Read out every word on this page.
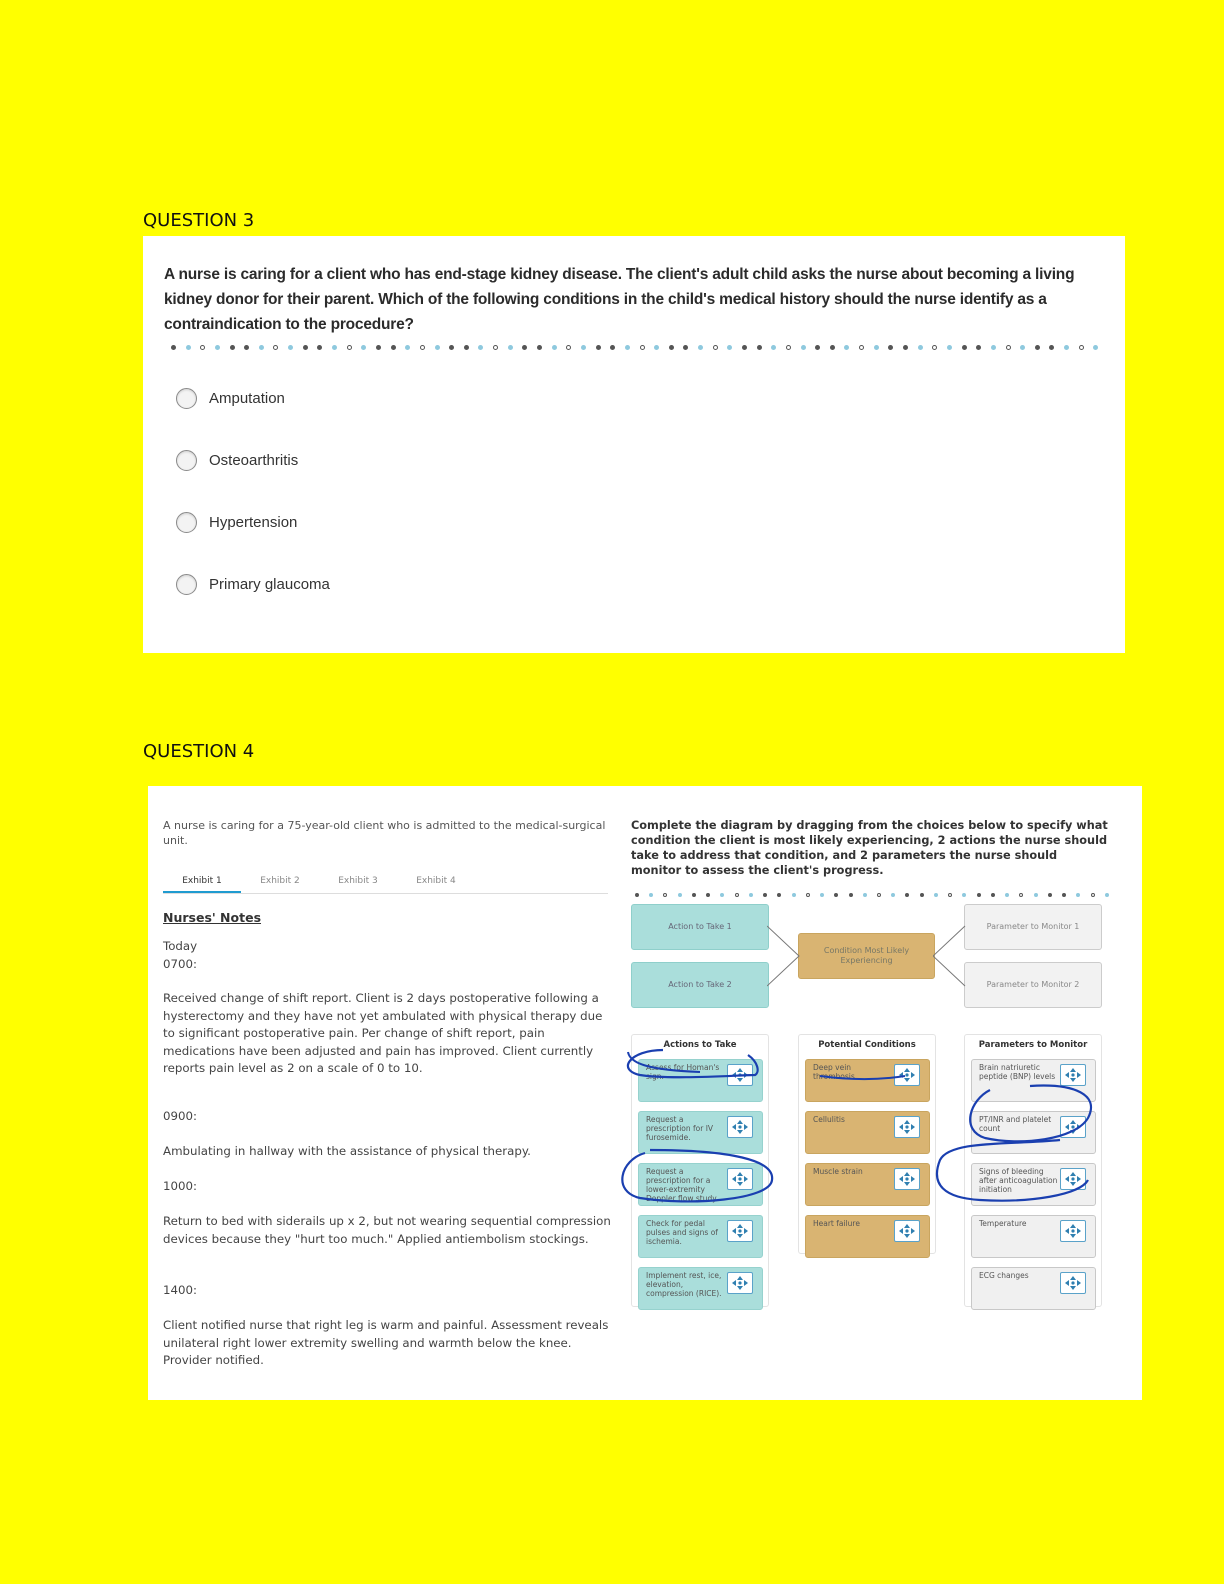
QUESTION 3
A nurse is caring for a client who has end-stage kidney disease. The client's adult child asks the nurse about becoming a living kidney donor for their parent. Which of the following conditions in the child's medical history should the nurse identify as a contraindication to the procedure?
Amputation
Osteoarthritis
Hypertension
Primary glaucoma
QUESTION 4
A nurse is caring for a 75-year-old client who is admitted to the medical-surgical unit.
Exhibit 1	Exhibit 2	Exhibit 3	Exhibit 4
Nurses' Notes
Today
0700:
Received change of shift report. Client is 2 days postoperative following a hysterectomy and they have not yet ambulated with physical therapy due to significant postoperative pain. Per change of shift report, pain medications have been adjusted and pain has improved. Client currently reports pain level as 2 on a scale of 0 to 10.
0900:
Ambulating in hallway with the assistance of physical therapy.
1000:
Return to bed with siderails up x 2, but not wearing sequential compression devices because they "hurt too much." Applied antiembolism stockings.
1400:
Client notified nurse that right leg is warm and painful. Assessment reveals unilateral right lower extremity swelling and warmth below the knee. Provider notified.
Complete the diagram by dragging from the choices below to specify what condition the client is most likely experiencing, 2 actions the nurse should take to address that condition, and 2 parameters the nurse should monitor to assess the client's progress.
Action to Take 1
Action to Take 2
Condition Most Likely Experiencing
Parameter to Monitor 1
Parameter to Monitor 2
Actions to Take
Assess for Homan's sign.
Request a prescription for IV furosemide.
Request a prescription for a lower-extremity Doppler flow study
Check for pedal pulses and signs of ischemia.
Implement rest, ice, elevation, compression (RICE).
Potential Conditions
Deep vein thrombosis
Cellulitis
Muscle strain
Heart failure
Parameters to Monitor
Brain natriuretic peptide (BNP) levels
PT/INR and platelet count
Signs of bleeding after anticoagulation initiation
Temperature
ECG changes
